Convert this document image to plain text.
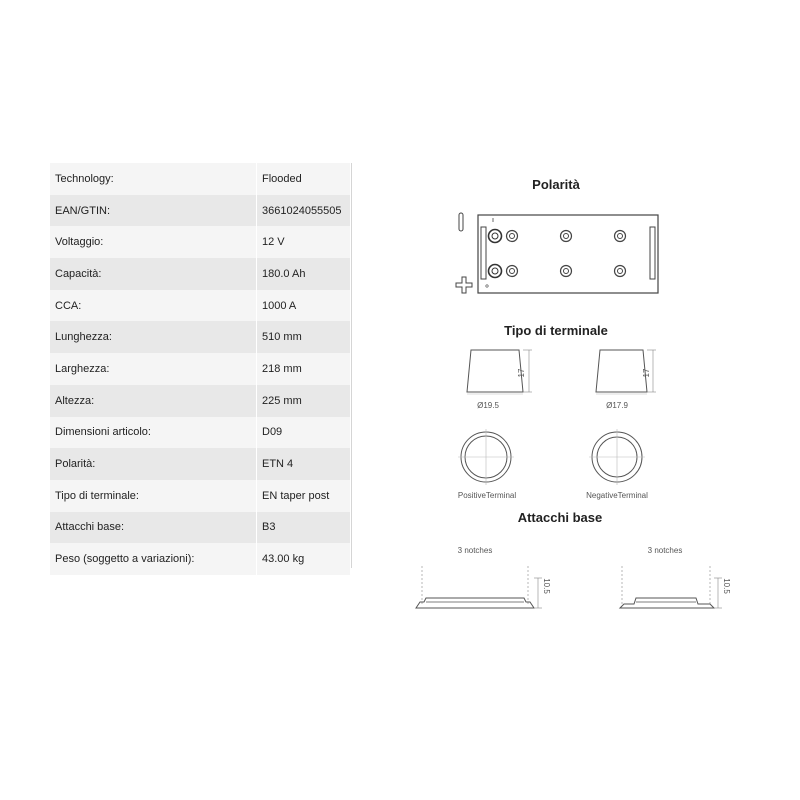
Technology:	Flooded
EAN/GTIN:	3661024055505
Voltaggio:	12 V
Capacità:	180.0 Ah
CCA:	1000 A
Lunghezza:	510 mm
Larghezza:	218 mm
Altezza:	225 mm
Dimensioni articolo:	D09
Polarità:	ETN 4
Tipo di terminale:	EN taper post
Attacchi base:	B3
Peso (soggetto a variazioni):	43.00 kg
Polarità
Tipo di terminale
17
Ø19.5
17
Ø17.9
PositiveTerminal	NegativeTerminal
Attacchi base
3 notches
10.5
3 notches
10.5
